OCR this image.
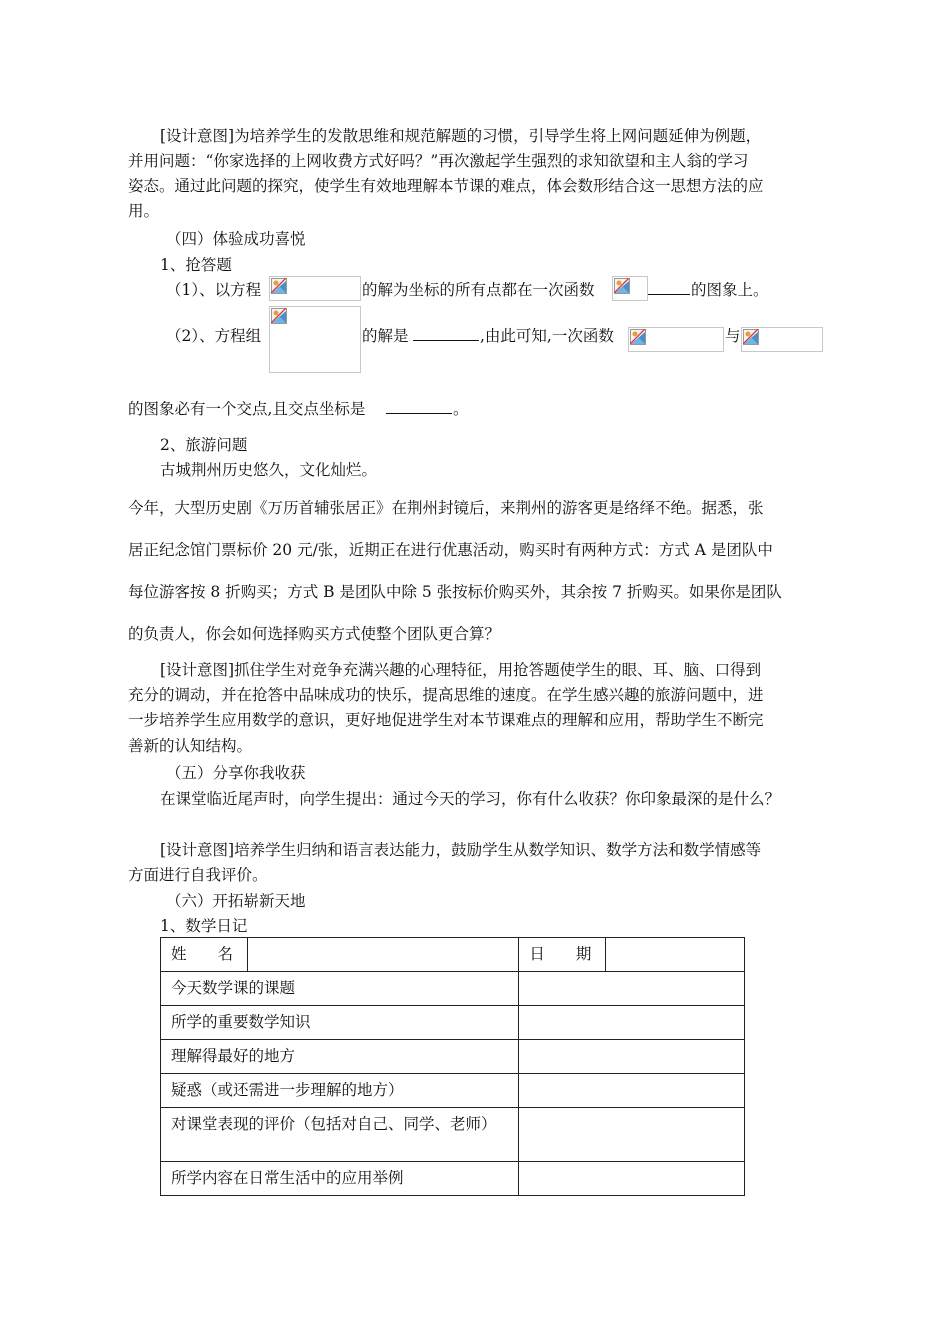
[设计意图]为培养学生的发散思维和规范解题的习惯，引导学生将上网问题延伸为例题，
并用问题：“你家选择的上网收费方式好吗？”再次激起学生强烈的求知欲望和主人翁的学习
姿态。通过此问题的探究，使学生有效地理解本节课的难点，体会数形结合这一思想方法的应
用。
（四）体验成功喜悦
1、抢答题
（1）、以方程	的解为坐标的所有点都在一次函数	的图象上。
（2）、方程组	的解是	,由此可知,一次函数	与
的图象必有一个交点,且交点坐标是	。
2、旅游问题
古城荆州历史悠久，文化灿烂。
今年，大型历史剧《万历首辅张居正》在荆州封镜后，来荆州的游客更是络绎不绝。据悉，张
居正纪念馆门票标价 20 元/张，近期正在进行优惠活动，购买时有两种方式：方式 A 是团队中
每位游客按 8 折购买；方式 B 是团队中除 5 张按标价购买外，其余按 7 折购买。如果你是团队
的负责人，你会如何选择购买方式使整个团队更合算？
[设计意图]抓住学生对竞争充满兴趣的心理特征，用抢答题使学生的眼、耳、脑、口得到
充分的调动，并在抢答中品味成功的快乐，提高思维的速度。在学生感兴趣的旅游问题中，进
一步培养学生应用数学的意识，更好地促进学生对本节课难点的理解和应用，帮助学生不断完
善新的认知结构。
（五）分享你我收获
在课堂临近尾声时，向学生提出：通过今天的学习，你有什么收获？你印象最深的是什么？
[设计意图]培养学生归纳和语言表达能力，鼓励学生从数学知识、数学方法和数学情感等
方面进行自我评价。
（六）开拓崭新天地
1、数学日记
姓　　名		日　　期	
今天数学课的课题			
所学的重要数学知识			
理解得最好的地方			
疑惑（或还需进一步理解的地方）			
对课堂表现的评价（包括对自己、同学、老师）			
所学内容在日常生活中的应用举例			
